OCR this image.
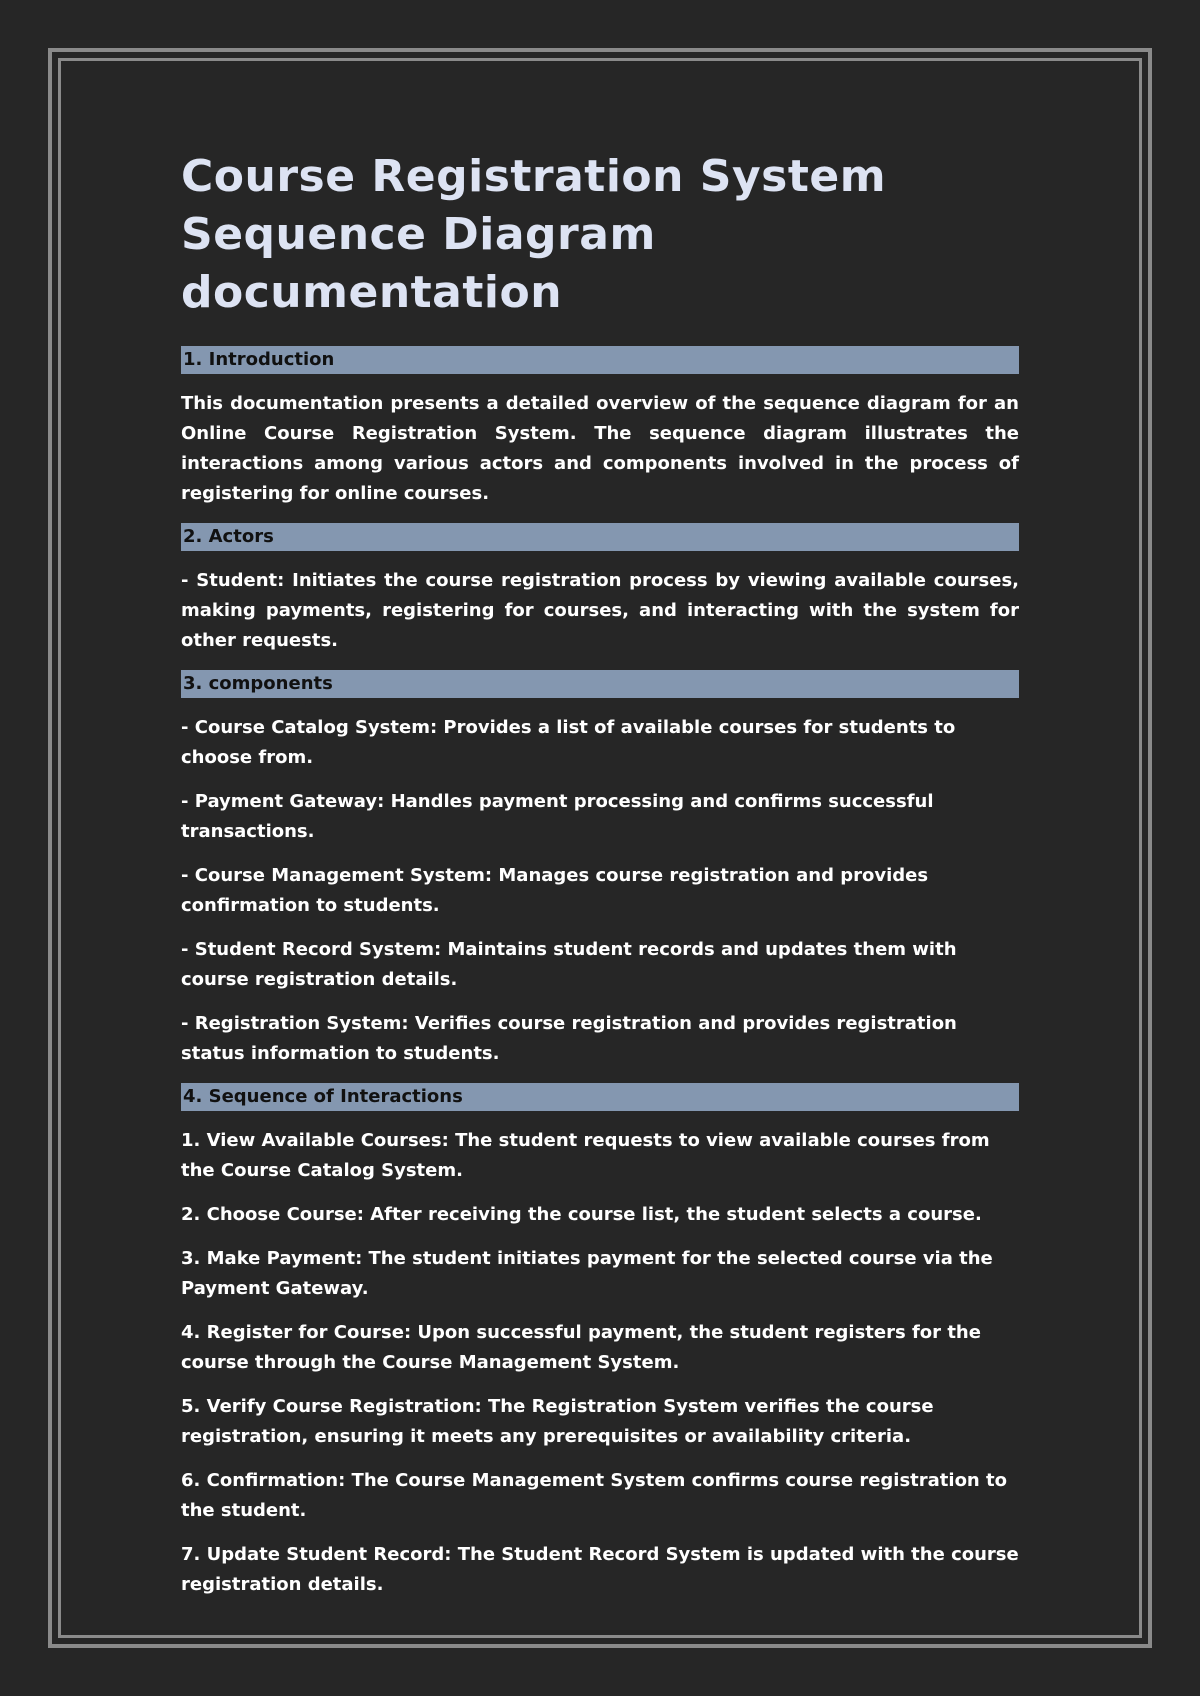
Course Registration System
Sequence Diagram
documentation
1. Introduction

This documentation presents a detailed overview of the sequence diagram for an Online Course Registration System. The sequence diagram illustrates the interactions among various actors and components involved in the process of registering for online courses.

2. Actors

- Student: Initiates the course registration process by viewing available courses, making payments, registering for courses, and interacting with the system for other requests.

3. components

- Course Catalog System: Provides a list of available courses for students to choose from.

- Payment Gateway: Handles payment processing and confirms successful transactions.

- Course Management System: Manages course registration and provides confirmation to students.

- Student Record System: Maintains student records and updates them with course registration details.

- Registration System: Verifies course registration and provides registration status information to students.

4. Sequence of Interactions

1. View Available Courses: The student requests to view available courses from the Course Catalog System.

2. Choose Course: After receiving the course list, the student selects a course.

3. Make Payment: The student initiates payment for the selected course via the Payment Gateway.

4. Register for Course: Upon successful payment, the student registers for the course through the Course Management System.

5. Verify Course Registration: The Registration System verifies the course registration, ensuring it meets any prerequisites or availability criteria.

6. Confirmation: The Course Management System confirms course registration to the student.

7. Update Student Record: The Student Record System is updated with the course registration details.
